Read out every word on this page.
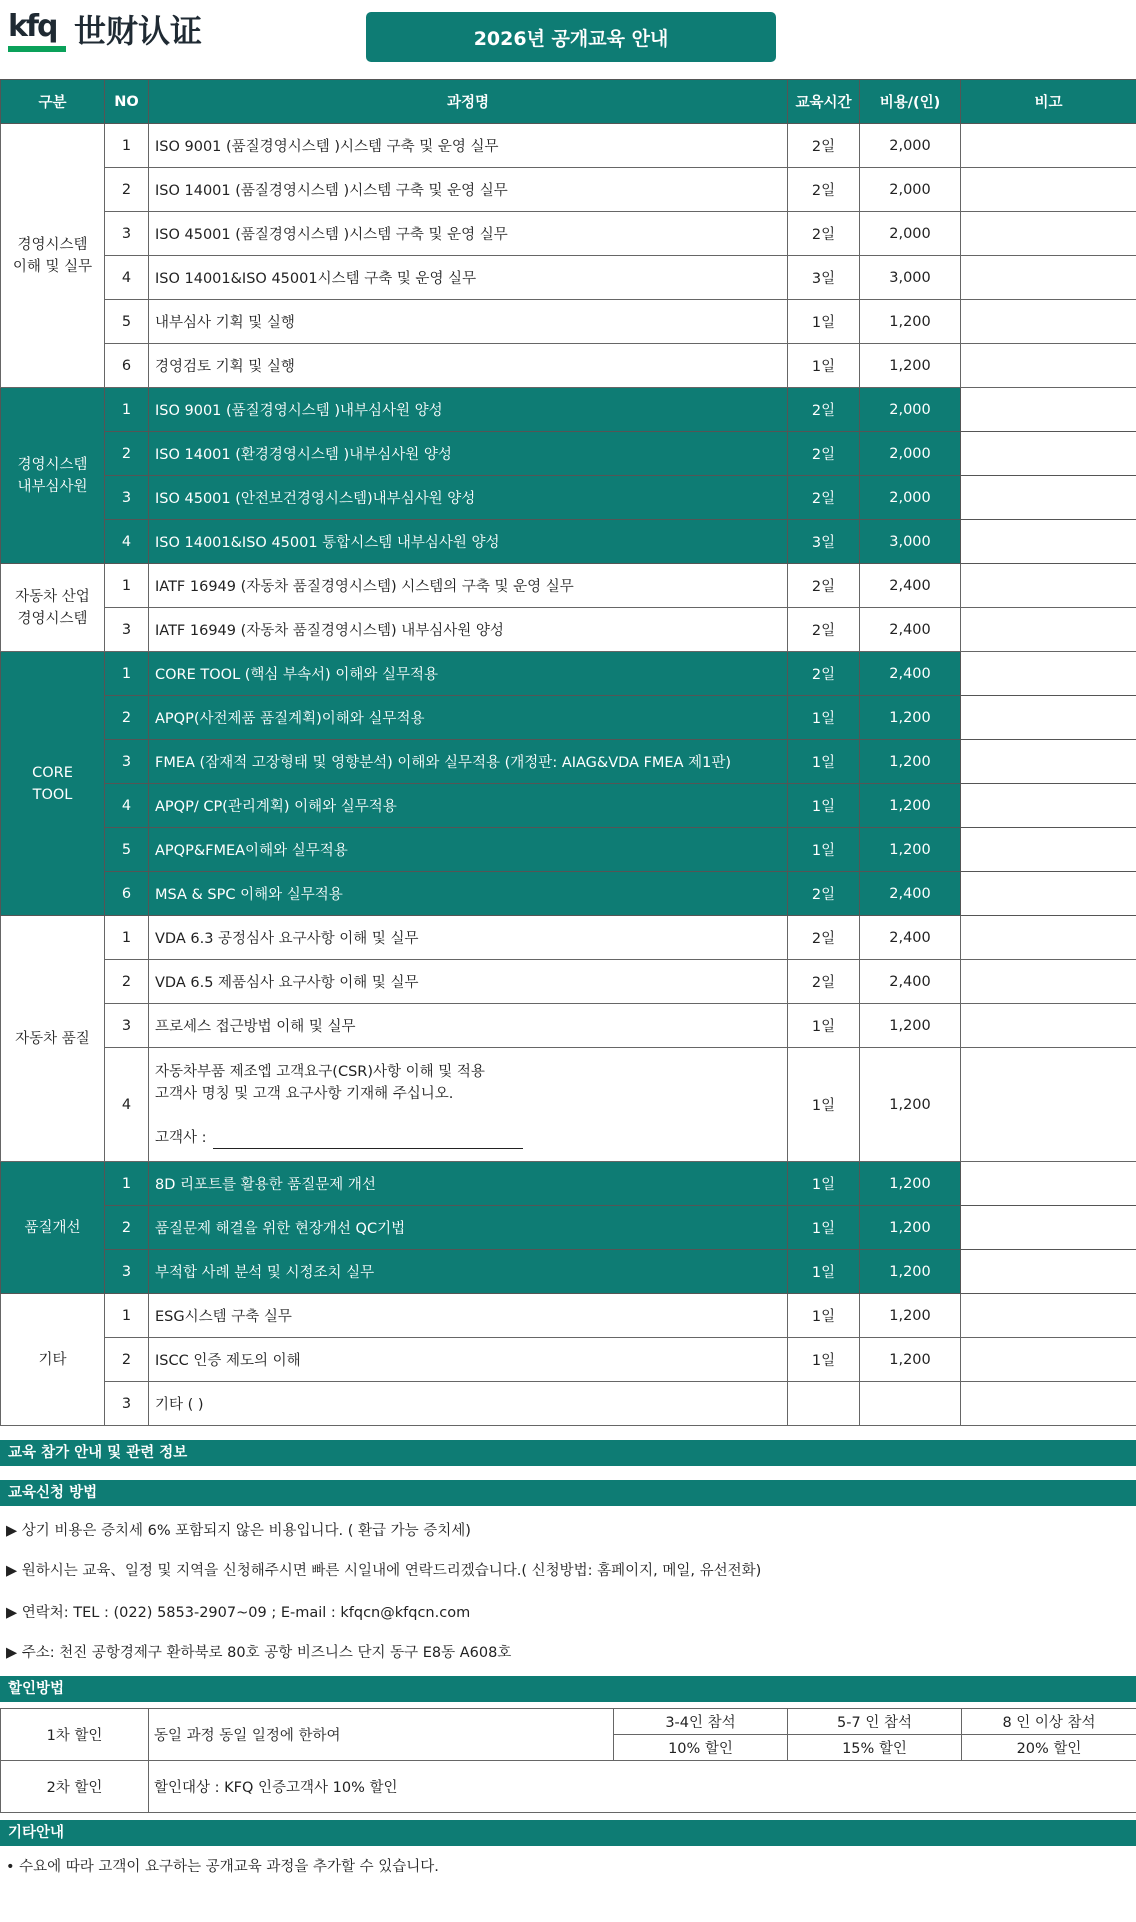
kfq 世财认证	2026년 공개교육 안내
구분	NO	과정명	교육시간	비용/(인)	비고

경영시스템
이해 및 실무	1	ISO 9001 (품질경영시스템 )시스템 구축 및 운영 실무	2일	2,000	
	2	ISO 14001 (품질경영시스템 )시스템 구축 및 운영 실무	2일	2,000	
	3	ISO 45001 (품질경영시스템 )시스템 구축 및 운영 실무	2일	2,000	
	4	ISO 14001&ISO 45001시스템 구축 및 운영 실무	3일	3,000	
	5	내부심사 기획 및 실행	1일	1,200	
	6	경영검토 기획 및 실행	1일	1,200	

경영시스템
내부심사원	1	ISO 9001 (품질경영시스템 )내부심사원 양성	2일	2,000	
	2	ISO 14001 (환경경영시스템 )내부심사원 양성	2일	2,000	
	3	ISO 45001 (안전보건경영시스템)내부심사원 양성	2일	2,000	
	4	ISO 14001&ISO 45001 통합시스템 내부심사원 양성	3일	3,000	

자동차 산업
경영시스템	1	IATF 16949 (자동차 품질경영시스템) 시스템의 구축 및 운영 실무	2일	2,400	
	3	IATF 16949 (자동차 품질경영시스템) 내부심사원 양성	2일	2,400	

CORE
TOOL	1	CORE TOOL (핵심 부속서) 이해와 실무적용	2일	2,400	
	2	APQP(사전제품 품질계획)이해와 실무적용	1일	1,200	
	3	FMEA (잠재적 고장형태 및 영향분석) 이해와 실무적용 (개정판: AIAG&VDA FMEA 제1판)	1일	1,200	
	4	APQP/ CP(관리계획) 이해와 실무적용	1일	1,200	
	5	APQP&FMEA이해와 실무적용	1일	1,200	
	6	MSA & SPC 이해와 실무적용	2일	2,400	

자동차 품질	1	VDA 6.3 공정심사 요구사항 이해 및 실무	2일	2,400	
	2	VDA 6.5 제품심사 요구사항 이해 및 실무	2일	2,400	
	3	프로세스 접근방법 이해 및 실무	1일	1,200	
	4	자동차부품 제조엡 고객요구(CSR)사항 이해 및 적용
고객사 명칭 및 고객 요구사항 기재해 주십니오.
고객사 :	1일	1,200	

품질개선	1	8D 리포트를 활용한 품질문제 개선	1일	1,200	
	2	품질문제 해결을 위한 현장개선 QC기법	1일	1,200	
	3	부적합 사례 분석 및 시정조치 실무	1일	1,200	

기타	1	ESG시스템 구축 실무	1일	1,200	
	2	ISCC 인증 제도의 이해	1일	1,200	
	3	기타 ( )			
교육 참가 안내 및 관련 정보
교육신청 방법
▶ 상기 비용은 증치세 6% 포함되지 않은 비용입니다. ( 환급 가능 증치세)
▶ 원하시는 교육、일정 및 지역을 신청해주시면 빠른 시일내에 연락드리겠습니다.( 신청방법: 홈페이지, 메일, 유선전화)
▶ 연락처: TEL : (022) 5853-2907~09 ; E-mail : kfqcn@kfqcn.com
▶ 주소: 천진 공항경제구 환하북로 80호 공항 비즈니스 단지 동구 E8동 A608호
할인방법
1차 할인	동일 과정 동일 일정에 한하여	3-4인 참석	5-7 인 참석	8 인 이상 참석
		10% 할인	15% 할인	20% 할인
2차 할인	할인대상 : KFQ 인증고객사 10% 할인			
기타안내
• 수요에 따라 고객이 요구하는 공개교육 과정을 추가할 수 있습니다.
